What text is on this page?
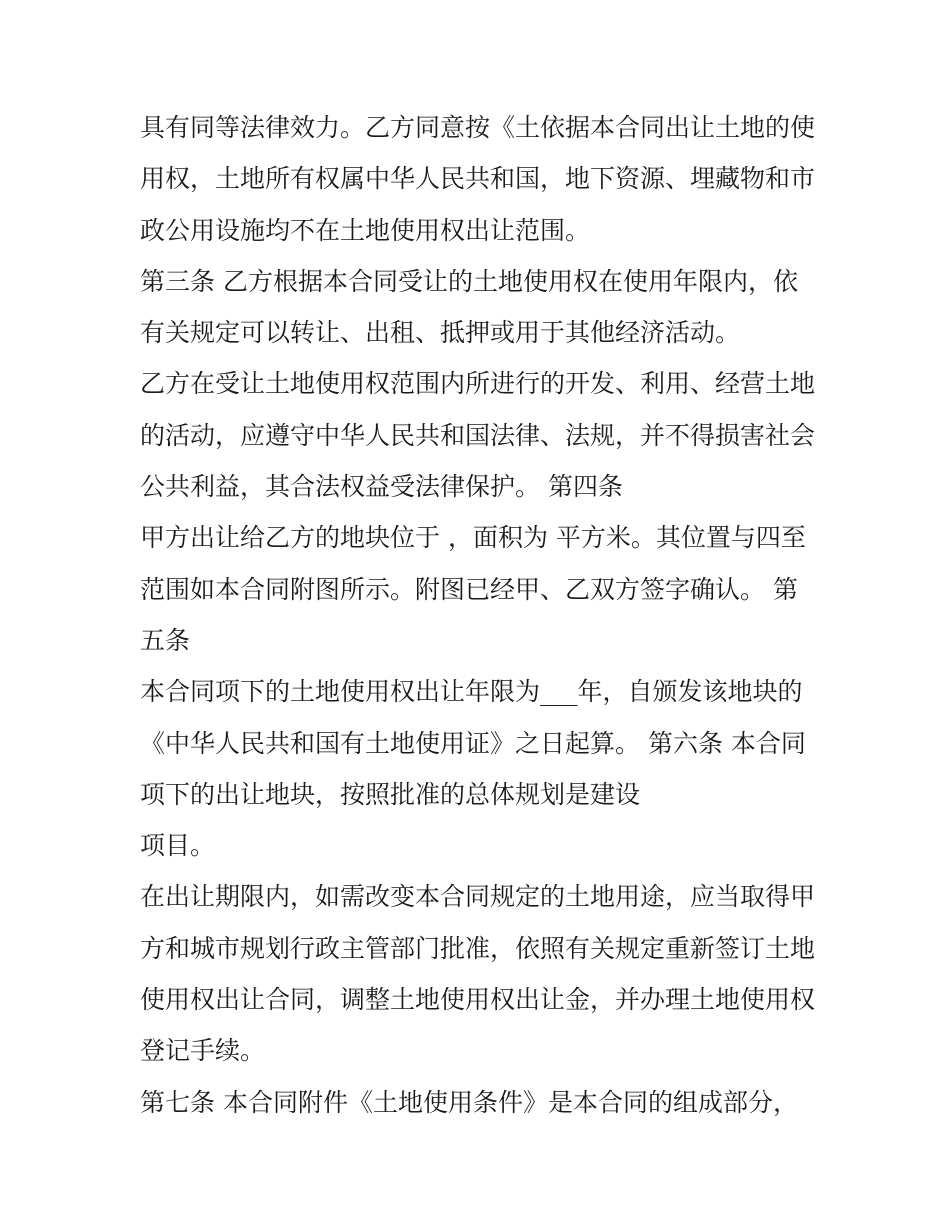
具有同等法律效力。乙方同意按《土依据本合同出让土地的使
用权，土地所有权属中华人民共和国，地下资源、埋藏物和市
政公用设施均不在土地使用权出让范围。
第三条 乙方根据本合同受让的土地使用权在使用年限内，依
有关规定可以转让、出租、抵押或用于其他经济活动。
乙方在受让土地使用权范围内所进行的开发、利用、经营土地
的活动，应遵守中华人民共和国法律、法规，并不得损害社会
公共利益，其合法权益受法律保护。 第四条
甲方出让给乙方的地块位于 ，面积为 平方米。其位置与四至
范围如本合同附图所示。附图已经甲、乙双方签字确认。 第
五条
本合同项下的土地使用权出让年限为___年，自颁发该地块的
《中华人民共和国有土地使用证》之日起算。 第六条 本合同
项下的出让地块，按照批准的总体规划是建设
项目。
在出让期限内，如需改变本合同规定的土地用途，应当取得甲
方和城市规划行政主管部门批准，依照有关规定重新签订土地
使用权出让合同，调整土地使用权出让金，并办理土地使用权
登记手续。
第七条 本合同附件《土地使用条件》是本合同的组成部分，
